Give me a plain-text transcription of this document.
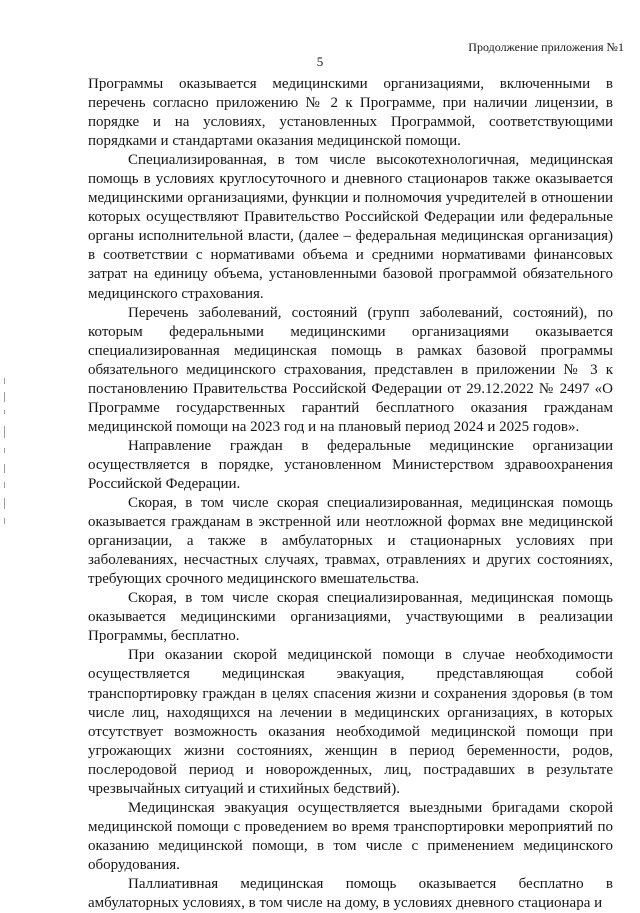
Продолжение приложения №1
5

Программы оказывается медицинскими организациями, включенными в перечень согласно приложению № 2 к Программе, при наличии лицензии, в порядке и на условиях, установленных Программой, соответствующими порядками и стандартами оказания медицинской помощи.

Специализированная, в том числе высокотехнологичная, медицинская помощь в условиях круглосуточного и дневного стационаров также оказывается медицинскими организациями, функции и полномочия учредителей в отношении которых осуществляют Правительство Российской Федерации или федеральные органы исполнительной власти, (далее – федеральная медицинская организация) в соответствии с нормативами объема и средними нормативами финансовых затрат на единицу объема, установленными базовой программой обязательного медицинского страхования.

Перечень заболеваний, состояний (групп заболеваний, состояний), по которым федеральными медицинскими организациями оказывается специализированная медицинская помощь в рамках базовой программы обязательного медицинского страхования, представлен в приложении № 3 к постановлению Правительства Российской Федерации от 29.12.2022 № 2497 «О Программе государственных гарантий бесплатного оказания гражданам медицинской помощи на 2023 год и на плановый период 2024 и 2025 годов».

Направление граждан в федеральные медицинские организации осуществляется в порядке, установленном Министерством здравоохранения Российской Федерации.

Скорая, в том числе скорая специализированная, медицинская помощь оказывается гражданам в экстренной или неотложной формах вне медицинской организации, а также в амбулаторных и стационарных условиях при заболеваниях, несчастных случаях, травмах, отравлениях и других состояниях, требующих срочного медицинского вмешательства.

Скорая, в том числе скорая специализированная, медицинская помощь оказывается медицинскими организациями, участвующими в реализации Программы, бесплатно.

При оказании скорой медицинской помощи в случае необходимости осуществляется медицинская эвакуация, представляющая собой транспортировку граждан в целях спасения жизни и сохранения здоровья (в том числе лиц, находящихся на лечении в медицинских организациях, в которых отсутствует возможность оказания необходимой медицинской помощи при угрожающих жизни состояниях, женщин в период беременности, родов, послеродовой период и новорожденных, лиц, пострадавших в результате чрезвычайных ситуаций и стихийных бедствий).

Медицинская эвакуация осуществляется выездными бригадами скорой медицинской помощи с проведением во время транспортировки мероприятий по оказанию медицинской помощи, в том числе с применением медицинского оборудования.

Паллиативная медицинская помощь оказывается бесплатно в амбулаторных условиях, в том числе на дому, в условиях дневного стационара и
